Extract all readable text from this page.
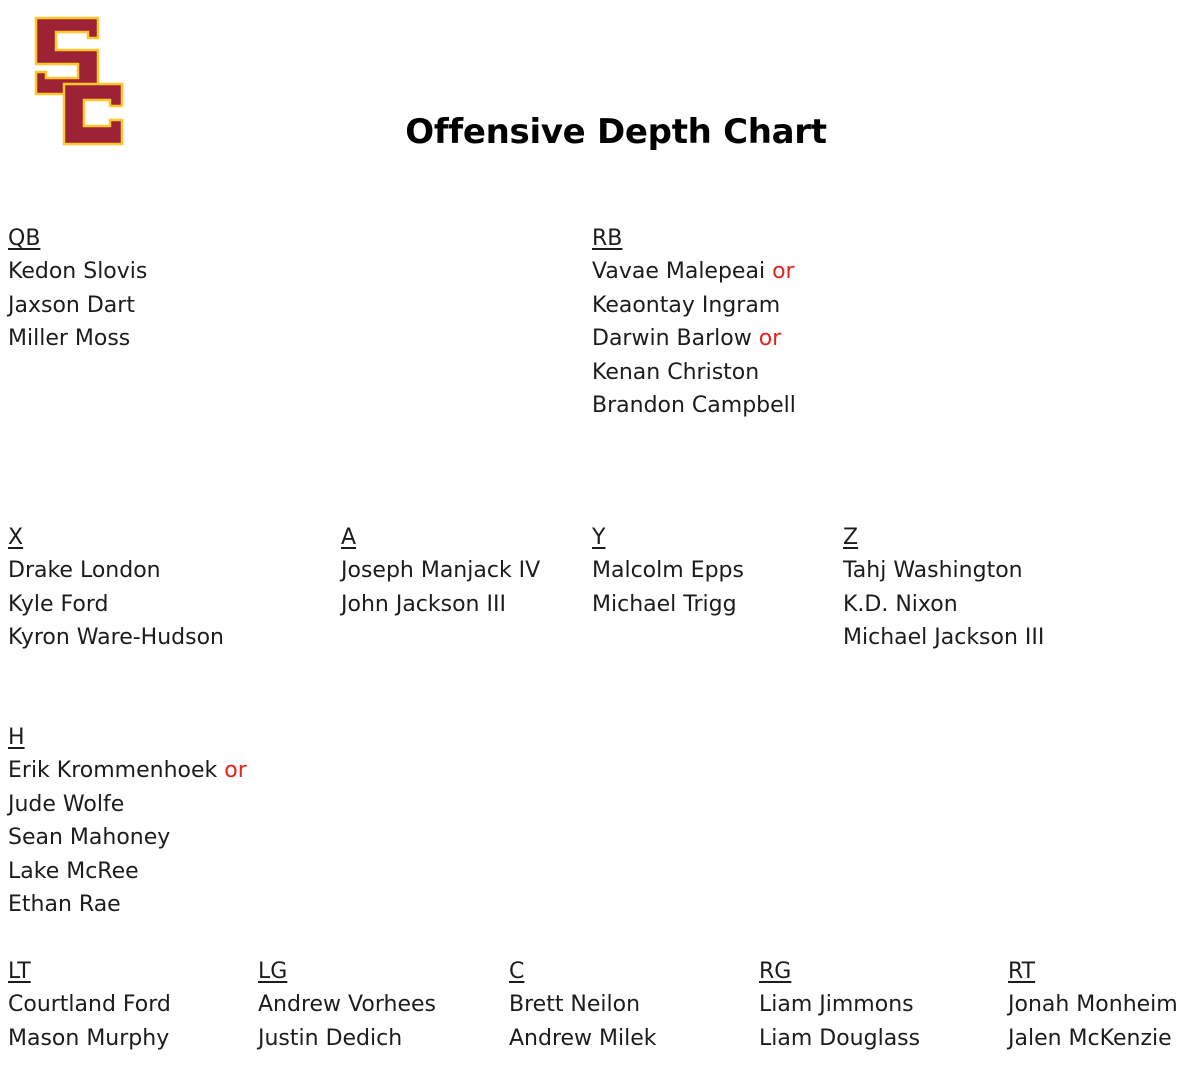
Offensive Depth Chart
QB
Kedon Slovis
Jaxson Dart
Miller Moss
RB
Vavae Malepeai or
Keaontay Ingram
Darwin Barlow or
Kenan Christon
Brandon Campbell
X
Drake London
Kyle Ford
Kyron Ware-Hudson
A
Joseph Manjack IV
John Jackson III
Y
Malcolm Epps
Michael Trigg
Z
Tahj Washington
K.D. Nixon
Michael Jackson III
H
Erik Krommenhoek or
Jude Wolfe
Sean Mahoney
Lake McRee
Ethan Rae
LT
Courtland Ford
Mason Murphy
LG
Andrew Vorhees
Justin Dedich
C
Brett Neilon
Andrew Milek
RG
Liam Jimmons
Liam Douglass
RT
Jonah Monheim
Jalen McKenzie
